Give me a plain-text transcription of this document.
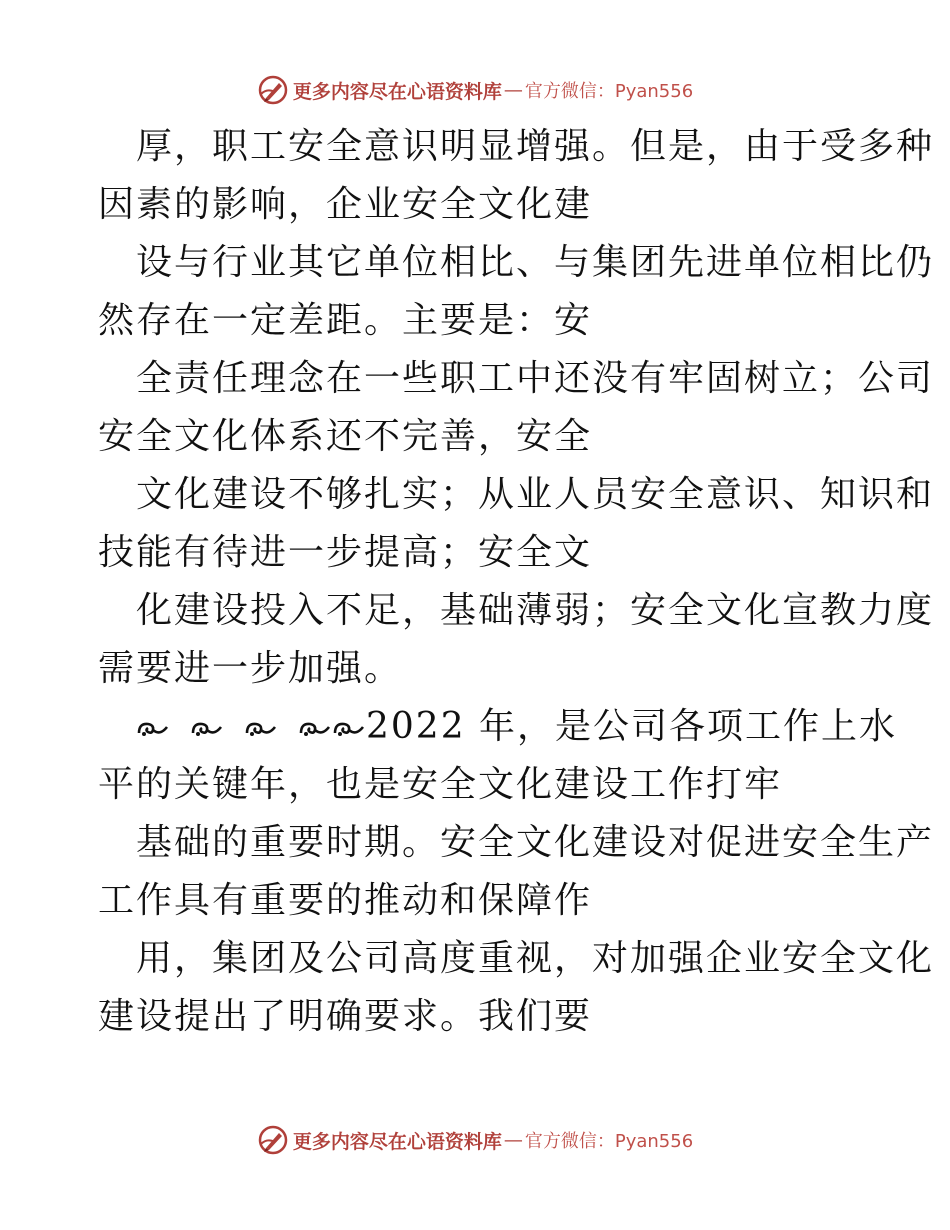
更多内容尽在心语资料库 — 官方微信：Pyan556
厚，职工安全意识明显增强。但是，由于受多种
因素的影响，企业安全文化建
设与行业其它单位相比、与集团先进单位相比仍
然存在一定差距。主要是：安
全责任理念在一些职工中还没有牢固树立；公司
安全文化体系还不完善，安全
文化建设不够扎实；从业人员安全意识、知识和
技能有待进一步提高；安全文
化建设投入不足，基础薄弱；安全文化宣教力度
需要进一步加强。
2022 年，是公司各项工作上水
平的关键年，也是安全文化建设工作打牢
基础的重要时期。安全文化建设对促进安全生产
工作具有重要的推动和保障作
用，集团及公司高度重视，对加强企业安全文化
建设提出了明确要求。我们要
更多内容尽在心语资料库 — 官方微信：Pyan556
